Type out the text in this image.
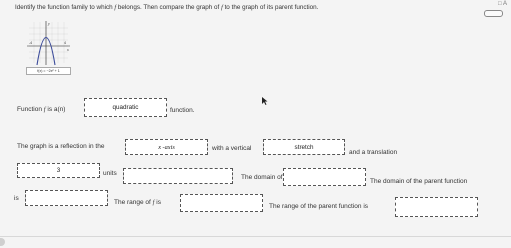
□ A
Identify the function family to which f belongs. Then compare the graph of f to the graph of its parent function.
-4	4
y
x
f(x) = −2x² + 1
Function f is a(n)	quadratic	function.
The graph is a reflection in the	x -axis	with a vertical	stretch
and a translation
3	units
The domain of
The domain of the parent function
is
The range of f is
The range of the parent function is
